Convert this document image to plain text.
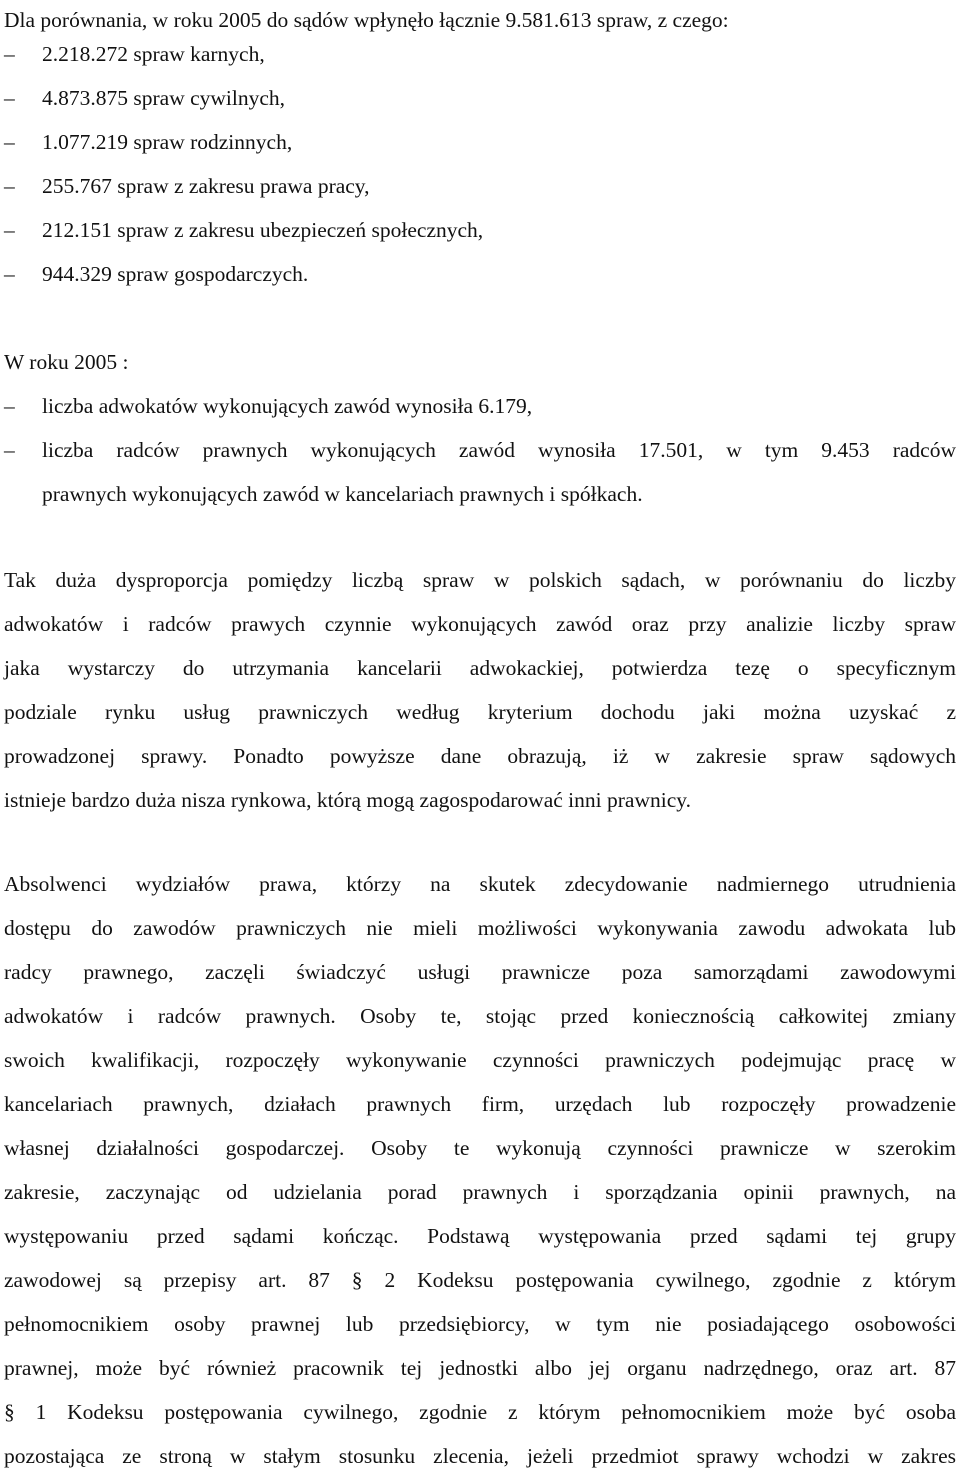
Dla porównania, w roku 2005 do sądów wpłynęło łącznie 9.581.613 spraw, z czego:
–	2.218.272 spraw karnych,
–	4.873.875 spraw cywilnych,
–	1.077.219 spraw rodzinnych,
–	255.767 spraw z zakresu prawa pracy,
–	212.151 spraw z zakresu ubezpieczeń społecznych,
–	944.329 spraw gospodarczych.
W roku 2005 :
–	liczba adwokatów wykonujących zawód wynosiła 6.179,
–	liczba radców prawnych wykonujących zawód wynosiła 17.501, w tym 9.453 radców
prawnych wykonujących zawód w kancelariach prawnych i spółkach.
Tak duża dysproporcja pomiędzy liczbą spraw w polskich sądach, w porównaniu do liczby
adwokatów i radców prawych czynnie wykonujących zawód oraz przy analizie liczby spraw
jaka wystarczy do utrzymania kancelarii adwokackiej, potwierdza tezę o specyficznym
podziale rynku usług prawniczych według kryterium dochodu jaki można uzyskać z
prowadzonej sprawy. Ponadto powyższe dane obrazują, iż w zakresie spraw sądowych
istnieje bardzo duża nisza rynkowa, którą mogą zagospodarować inni prawnicy.
Absolwenci wydziałów prawa, którzy na skutek zdecydowanie nadmiernego utrudnienia
dostępu do zawodów prawniczych nie mieli możliwości wykonywania zawodu adwokata lub
radcy prawnego, zaczęli świadczyć usługi prawnicze poza samorządami zawodowymi
adwokatów i radców prawnych. Osoby te, stojąc przed koniecznością całkowitej zmiany
swoich kwalifikacji, rozpoczęły wykonywanie czynności prawniczych podejmując pracę w
kancelariach prawnych, działach prawnych firm, urzędach lub rozpoczęły prowadzenie
własnej działalności gospodarczej. Osoby te wykonują czynności prawnicze w szerokim
zakresie, zaczynając od udzielania porad prawnych i sporządzania opinii prawnych, na
występowaniu przed sądami kończąc. Podstawą występowania przed sądami tej grupy
zawodowej są przepisy art. 87 § 2 Kodeksu postępowania cywilnego, zgodnie z którym
pełnomocnikiem osoby prawnej lub przedsiębiorcy, w tym nie posiadającego osobowości
prawnej, może być również pracownik tej jednostki albo jej organu nadrzędnego, oraz art. 87
§ 1 Kodeksu postępowania cywilnego, zgodnie z którym pełnomocnikiem może być osoba
pozostająca ze stroną w stałym stosunku zlecenia, jeżeli przedmiot sprawy wchodzi w zakres
